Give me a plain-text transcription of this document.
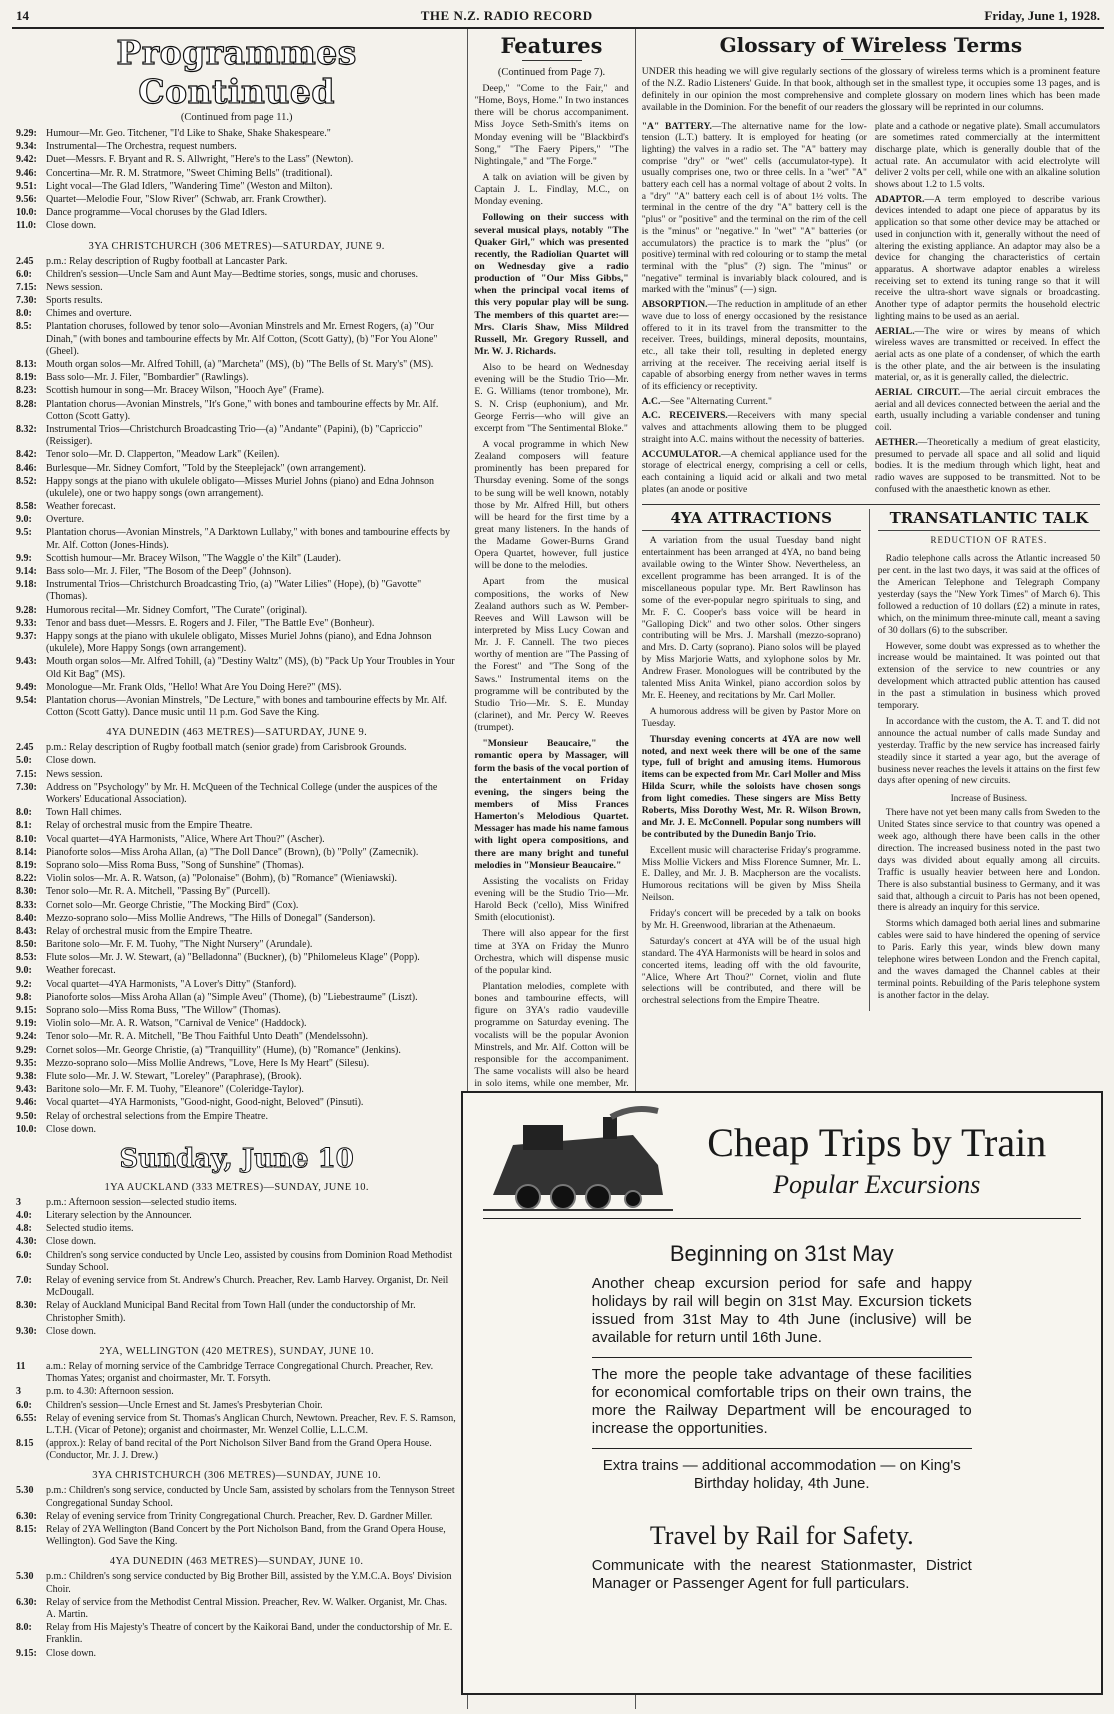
14	THE N.Z. RADIO RECORD	Friday, June 1, 1928.
Programmes Continued
(Continued from page 11.)
9.29: Humour—Mr. Geo. Titchener, "I'd Like to Shake, Shake Shakespeare."
9.34: Instrumental—The Orchestra, request numbers.
9.42: Duet—Messrs. F. Bryant and R. S. Allwright, "Here's to the Lass" (Newton).
9.46: Concertina—Mr. R. M. Stratmore, "Sweet Chiming Bells" (traditional).
9.51: Light vocal—The Glad Idlers, "Wandering Time" (Weston and Milton).
9.56: Quartet—Melodie Four, "Slow River" (Schwab, arr. Frank Crowther).
10.0: Dance programme—Vocal choruses by the Glad Idlers.
11.0: Close down.
3YA CHRISTCHURCH (306 METRES)—SATURDAY, JUNE 9.
2.45	p.m.: Relay description of Rugby football at Lancaster Park.
6.0:	Children's session—Uncle Sam and Aunt May—Bedtime stories, songs, music and choruses.
7.15: News session.
7.30: Sports results.
8.0:	Chimes and overture.
8.5:	Plantation choruses, followed by tenor solo—Avonian Minstrels and Mr. Ernest Rogers, (a) "Our Dinah," (with bones and tambourine effects by Mr. Alf Cotton, (Scott Gatty), (b) "For You Alone" (Gheel).
8.13: Mouth organ solos—Mr. Alfred Tohill, (a) "Marcheta" (MS), (b) "The Bells of St. Mary's" (MS).
8.19: Bass solo—Mr. J. Filer, "Bombardier" (Rawlings).
8.23: Scottish humour in song—Mr. Bracey Wilson, "Hooch Aye" (Frame).
8.28: Plantation chorus—Avonian Minstrels, "It's Gone," with bones and tambourine effects by Mr. Alf. Cotton (Scott Gatty).
8.32: Instrumental Trios—Christchurch Broadcasting Trio—(a) "Andante" (Papini), (b) "Capriccio" (Reissiger).
8.42: Tenor solo—Mr. D. Clapperton, "Meadow Lark" (Keilen).
8.46: Burlesque—Mr. Sidney Comfort, "Told by the Steeplejack" (own arrangement).
8.52: Happy songs at the piano with ukulele obligato—Misses Muriel Johns (piano) and Edna Johnson (ukulele), one or two happy songs (own arrangement).
8.58: Weather forecast.
9.0:	Overture.
9.5:	Plantation chorus—Avonian Minstrels, "A Darktown Lullaby," with bones and tambourine effects by Mr. Alf. Cotton (Jones-Hinds).
9.9:	Scottish humour—Mr. Bracey Wilson, "The Waggle o' the Kilt" (Lauder).
9.14: Bass solo—Mr. J. Filer, "The Bosom of the Deep" (Johnson).
9.18: Instrumental Trios—Christchurch Broadcasting Trio, (a) "Water Lilies" (Hope), (b) "Gavotte" (Thomas).
9.28: Humorous recital—Mr. Sidney Comfort, "The Curate" (original).
9.33: Tenor and bass duet—Messrs. E. Rogers and J. Filer, "The Battle Eve" (Bonheur).
9.37: Happy songs at the piano with ukulele obligato, Misses Muriel Johns (piano), and Edna Johnson (ukulele), More Happy Songs (own arrangement).
9.43: Mouth organ solos—Mr. Alfred Tohill, (a) "Destiny Waltz" (MS), (b) "Pack Up Your Troubles in Your Old Kit Bag" (MS).
9.49: Monologue—Mr. Frank Olds, "Hello! What Are You Doing Here?" (MS).
9.54: Plantation chorus—Avonian Minstrels, "De Lecture," with bones and tambourine effects by Mr. Alf. Cotton (Scott Gatty). Dance music until 11 p.m. God Save the King.
4YA DUNEDIN (463 METRES)—SATURDAY, JUNE 9.
2.45	p.m.: Relay description of Rugby football match (senior grade) from Carisbrook Grounds.
5.0:	Close down.
7.15: News session.
7.30: Address on "Psychology" by Mr. H. McQueen of the Technical College (under the auspices of the Workers' Educational Association).
8.0:	Town Hall chimes.
8.1:	Relay of orchestral music from the Empire Theatre.
8.10: Vocal quartet—4YA Harmonists, "Alice, Where Art Thou?" (Ascher).
8.14: Pianoforte solos—Miss Aroha Allan, (a) "The Doll Dance" (Brown), (b) "Polly" (Zamecnik).
8.19: Soprano solo—Miss Roma Buss, "Song of Sunshine" (Thomas).
8.22: Violin solos—Mr. A. R. Watson, (a) "Polonaise" (Bohm), (b) "Romance" (Wieniawski).
8.30: Tenor solo—Mr. R. A. Mitchell, "Passing By" (Purcell).
8.33: Cornet solo—Mr. George Christie, "The Mocking Bird" (Cox).
8.40: Mezzo-soprano solo—Miss Mollie Andrews, "The Hills of Donegal" (Sanderson).
8.43: Relay of orchestral music from the Empire Theatre.
8.50: Baritone solo—Mr. F. M. Tuohy, "The Night Nursery" (Arundale).
8.53: Flute solos—Mr. J. W. Stewart, (a) "Belladonna" (Buckner), (b) "Philomeleus Klage" (Popp).
9.0:	Weather forecast.
9.2:	Vocal quartet—4YA Harmonists, "A Lover's Ditty" (Stanford).
9.8:	Pianoforte solos—Miss Aroha Allan (a) "Simple Aveu" (Thome), (b) "Liebestraume" (Liszt).
9.15: Soprano solo—Miss Roma Buss, "The Willow" (Thomas).
9.19: Violin solo—Mr. A. R. Watson, "Carnival de Venice" (Haddock).
9.24: Tenor solo—Mr. R. A. Mitchell, "Be Thou Faithful Unto Death" (Mendelssohn).
9.29: Cornet solos—Mr. George Christie, (a) "Tranquillity" (Hume), (b) "Romance" (Jenkins).
9.35: Mezzo-soprano solo—Miss Mollie Andrews, "Love, Here Is My Heart" (Silesu).
9.38: Flute solo—Mr. J. W. Stewart, "Loreley" (Paraphrase), (Brook).
9.43: Baritone solo—Mr. F. M. Tuohy, "Eleanore" (Coleridge-Taylor).
9.46: Vocal quartet—4YA Harmonists, "Good-night, Good-night, Beloved" (Pinsuti).
9.50: Relay of orchestral selections from the Empire Theatre.
10.0: Close down.
Sunday, June 10
1YA AUCKLAND (333 METRES)—SUNDAY, JUNE 10.
3	p.m.: Afternoon session—selected studio items.
4.0:	Literary selection by the Announcer.
4.8:	Selected studio items.
4.30: Close down.
6.0:	Children's song service conducted by Uncle Leo, assisted by cousins from Dominion Road Methodist Sunday School.
7.0:	Relay of evening service from St. Andrew's Church. Preacher, Rev. Lamb Harvey. Organist, Dr. Neil McDougall.
8.30: Relay of Auckland Municipal Band Recital from Town Hall (under the conductorship of Mr. Christopher Smith).
9.30: Close down.
2YA, WELLINGTON (420 METRES), SUNDAY, JUNE 10.
11	a.m.: Relay of morning service of the Cambridge Terrace Congregational Church. Preacher, Rev. Thomas Yates; organist and choirmaster, Mr. T. Forsyth.
3	p.m. to 4.30: Afternoon session.
6.0:	Children's session—Uncle Ernest and St. James's Presbyterian Choir.
6.55: Relay of evening service from St. Thomas's Anglican Church, Newtown. Preacher, Rev. F. S. Ramson, L.T.H. (Vicar of Petone); organist and choirmaster, Mr. Wenzel Collie, L.L.C.M.
8.15	(approx.): Relay of band recital of the Port Nicholson Silver Band from the Grand Opera House. (Conductor, Mr. J. J. Drew.)
3YA CHRISTCHURCH (306 METRES)—SUNDAY, JUNE 10.
5.30	p.m.: Children's song service, conducted by Uncle Sam, assisted by scholars from the Tennyson Street Congregational Sunday School.
6.30: Relay of evening service from Trinity Congregational Church. Preacher, Rev. D. Gardner Miller.
8.15: Relay of 2YA Wellington (Band Concert by the Port Nicholson Band, from the Grand Opera House, Wellington). God Save the King.
4YA DUNEDIN (463 METRES)—SUNDAY, JUNE 10.
5.30	p.m.: Children's song service conducted by Big Brother Bill, assisted by the Y.M.C.A. Boys' Division Choir.
6.30: Relay of service from the Methodist Central Mission. Preacher, Rev. W. Walker. Organist, Mr. Chas. A. Martin.
8.0:	Relay from His Majesty's Theatre of concert by the Kaikorai Band, under the conductorship of Mr. E. Franklin.
9.15: Close down.
Features
(Continued from Page 7).

Deep," "Come to the Fair," and "Home, Boys, Home." In two instances there will be chorus accompaniment. Miss Joyce Seth-Smith's items on Monday evening will be "Blackbird's Song," "The Faery Pipers," "The Nightingale," and "The Forge."

A talk on aviation will be given by Captain J. L. Findlay, M.C., on Monday evening.

Following on their success with several musical plays, notably "The Quaker Girl," which was presented recently, the Radiolian Quartet will on Wednesday give a radio production of "Our Miss Gibbs," when the principal vocal items of this very popular play will be sung. The members of this quartet are:—Mrs. Claris Shaw, Miss Mildred Russell, Mr. Gregory Russell, and Mr. W. J. Richards.

Also to be heard on Wednesday evening will be the Studio Trio—Mr. E. G. Williams (tenor trombone), Mr. S. N. Crisp (euphonium), and Mr. George Ferris—who will give an excerpt from "The Sentimental Bloke."

A vocal programme in which New Zealand composers will feature prominently has been prepared for Thursday evening. Some of the songs to be sung will be well known, notably those by Mr. Alfred Hill, but others will be heard for the first time by a great many listeners. In the hands of the Madame Gower-Burns Grand Opera Quartet, however, full justice will be done to the melodies.

Apart from the musical compositions, the works of New Zealand authors such as W. Pember-Reeves and Will Lawson will be interpreted by Miss Lucy Cowan and Mr. J. F. Cannell. The two pieces worthy of mention are "The Passing of the Forest" and "The Song of the Saws." Instrumental items on the programme will be contributed by the Studio Trio—Mr. S. E. Munday (clarinet), and Mr. Percy W. Reeves (trumpet).

"Monsieur Beaucaire," the romantic opera by Massager, will form the basis of the vocal portion of the entertainment on Friday evening, the singers being the members of Miss Frances Hamerton's Melodious Quartet. Messager has made his name famous with light opera compositions, and there are many bright and tuneful melodies in "Monsieur Beaucaire."

Assisting the vocalists on Friday evening will be the Studio Trio—Mr. Harold Beck ('cello), Miss Winifred Smith (elocutionist).

There will also appear for the first time at 3YA on Friday the Munro Orchestra, which will dispense music of the popular kind.

Plantation melodies, complete with bones and tambourine effects, will figure on 3YA's radio vaudeville programme on Saturday evening. The vocalists will be the popular Avonion Minstrels, and Mr. Alf. Cotton will be responsible for the accompaniment. The same vocalists will also be heard in solo items, while one member, Mr.

Glossary of Wireless Terms
UNDER this heading we will give regularly sections of the glossary of wireless terms which is a prominent feature of the N.Z. Radio Listeners' Guide. In that book, although set in the smallest type, it occupies some 13 pages, and is definitely in our opinion the most comprehensive and complete glossary on modern lines which has been made available in the Dominion. For the benefit of our readers the glossary will be reprinted in our columns.

"A" BATTERY.—The alternative name for the low-tension (L.T.) battery. It is employed for heating (or lighting) the valves in a radio set. The "A" battery may comprise "dry" or "wet" cells (accumulator-type). It usually comprises one, two or three cells. In a "wet" "A" battery each cell has a normal voltage of about 2 volts. In a "dry" "A" battery each cell is of about 1½ volts. The terminal in the centre of the dry "A" battery cell is the "plus" or "positive" and the terminal on the rim of the cell is the "minus" or "negative." In "wet" "A" batteries (or accumulators) the practice is to mark the "plus" (or positive) terminal with red colouring or to stamp the metal terminal with the "plus" (?) sign. The "minus" or "negative" terminal is invariably black coloured, and is marked with the "minus" (—) sign.

ABSORPTION.—The reduction in amplitude of an ether wave due to loss of energy occasioned by the resistance offered to it in its travel from the transmitter to the receiver. Trees, buildings, mineral deposits, mountains, etc., all take their toll, resulting in depleted energy arriving at the receiver. The receiving aerial itself is capable of absorbing energy from nether waves in terms of its efficiency or receptivity.

A.C.—See "Alternating Current."

A.C. RECEIVERS.—Receivers with many special valves and attachments allowing them to be plugged straight into A.C. mains without the necessity of batteries.

ACCUMULATOR.—A chemical appliance used for the storage of electrical energy, comprising a cell or cells, each containing a liquid acid or alkali and two metal plates (an anode or positive

plate and a cathode or negative plate). Small accumulators are sometimes rated commercially at the intermittent discharge plate, which is generally double that of the actual rate. An accumulator with acid electrolyte will deliver 2 volts per cell, while one with an alkaline solution shows about 1.2 to 1.5 volts.

ADAPTOR.—A term employed to describe various devices intended to adapt one piece of apparatus by its application so that some other device may be attached or used in conjunction with it, generally without the need of altering the existing appliance. An adaptor may also be a device for changing the characteristics of certain apparatus. A shortwave adaptor enables a wireless receiving set to extend its tuning range so that it will receive the ultra-short wave signals or broadcasting. Another type of adaptor permits the household electric lighting mains to be used as an aerial.

AERIAL.—The wire or wires by means of which wireless waves are transmitted or received. In effect the aerial acts as one plate of a condenser, of which the earth is the other plate, and the air between is the insulating material, or, as it is generally called, the dielectric.

AERIAL CIRCUIT.—The aerial circuit embraces the aerial and all devices connected between the aerial and the earth, usually including a variable condenser and tuning coil.

AETHER.—Theoretically a medium of great elasticity, presumed to pervade all space and all solid and liquid bodies. It is the medium through which light, heat and radio waves are supposed to be transmitted. Not to be confused with the anaesthetic known as ether.

4YA ATTRACTIONS

A variation from the usual Tuesday band night entertainment has been arranged at 4YA, no band being available owing to the Winter Show. Nevertheless, an excellent programme has been arranged. It is of the miscellaneous popular type. Mr. Bert Rawlinson has some of the ever-popular negro spirituals to sing, and Mr. F. C. Cooper's bass voice will be heard in "Galloping Dick" and two other solos. Other singers contributing will be Mrs. J. Marshall (mezzo-soprano) and Mrs. D. Carty (soprano). Piano solos will be played by Miss Marjorie Watts, and xylophone solos by Mr. Andrew Fraser. Monologues will be contributed by the talented Miss Anita Winkel, piano accordion solos by Mr. E. Heeney, and recitations by Mr. Carl Moller.

A humorous address will be given by Pastor More on Tuesday.

Thursday evening concerts at 4YA are now well noted, and next week there will be one of the same type, full of bright and amusing items. Humorous items can be expected from Mr. Carl Moller and Miss Hilda Scurr, while the soloists have chosen songs from light comedies. These singers are Miss Betty Roberts, Miss Dorothy West, Mr. R. Wilson Brown, and Mr. J. E. McConnell. Popular song numbers will be contributed by the Dunedin Banjo Trio.

Excellent music will characterise Friday's programme. Miss Mollie Vickers and Miss Florence Sumner, Mr. L. E. Dalley, and Mr. J. B. Macpherson are the vocalists. Humorous recitations will be given by Miss Sheila Neilson.

Friday's concert will be preceded by a talk on books by Mr. H. Greenwood, librarian at the Athenaeum.

Saturday's concert at 4YA will be of the usual high standard. The 4YA Harmonists will be heard in solos and concerted items, leading off with the old favourite, "Alice, Where Art Thou?" Cornet, violin and flute selections will be contributed, and there will be orchestral selections from the Empire Theatre.

TRANSATLANTIC TALK
REDUCTION OF RATES.

Radio telephone calls across the Atlantic increased 50 per cent. in the last two days, it was said at the offices of the American Telephone and Telegraph Company yesterday (says the "New York Times" of March 6). This followed a reduction of 10 dollars (£2) a minute in rates, which, on the minimum three-minute call, meant a saving of 30 dollars (6) to the subscriber.

However, some doubt was expressed as to whether the increase would be maintained. It was pointed out that extension of the service to new countries or any development which attracted public attention has caused in the past a stimulation in business which proved temporary.

In accordance with the custom, the A. T. and T. did not announce the actual number of calls made Sunday and yesterday. Traffic by the new service has increased fairly steadily since it started a year ago, but the average of business never reaches the levels it attains on the first few days after opening of new circuits.

Increase of Business.

There have not yet been many calls from Sweden to the United States since service to that country was opened a week ago, although there have been calls in the other direction. The increased business noted in the past two days was divided about equally among all circuits. Traffic is usually heavier between here and London. There is also substantial business to Germany, and it was said that, although a circuit to Paris has not been opened, there is already an inquiry for this service.

Storms which damaged both aerial lines and submarine cables were said to have hindered the opening of service to Paris. Early this year, winds blew down many telephone wires between London and the French capital, and the waves damaged the Channel cables at their terminal points. Rebuilding of the Paris telephone system is another factor in the delay.

Cheap Trips by Train
Popular Excursions
Beginning on 31st May
Another cheap excursion period for safe and happy holidays by rail will begin on 31st May. Excursion tickets issued from 31st May to 4th June (inclusive) will be available for return until 16th June.
The more the people take advantage of these facilities for economical comfortable trips on their own trains, the more the Railway Department will be encouraged to increase the opportunities.
Extra trains — additional accommodation — on King's Birthday holiday, 4th June.
Travel by Rail for Safety.
Communicate with the nearest Stationmaster, District Manager or Passenger Agent for full particulars.
